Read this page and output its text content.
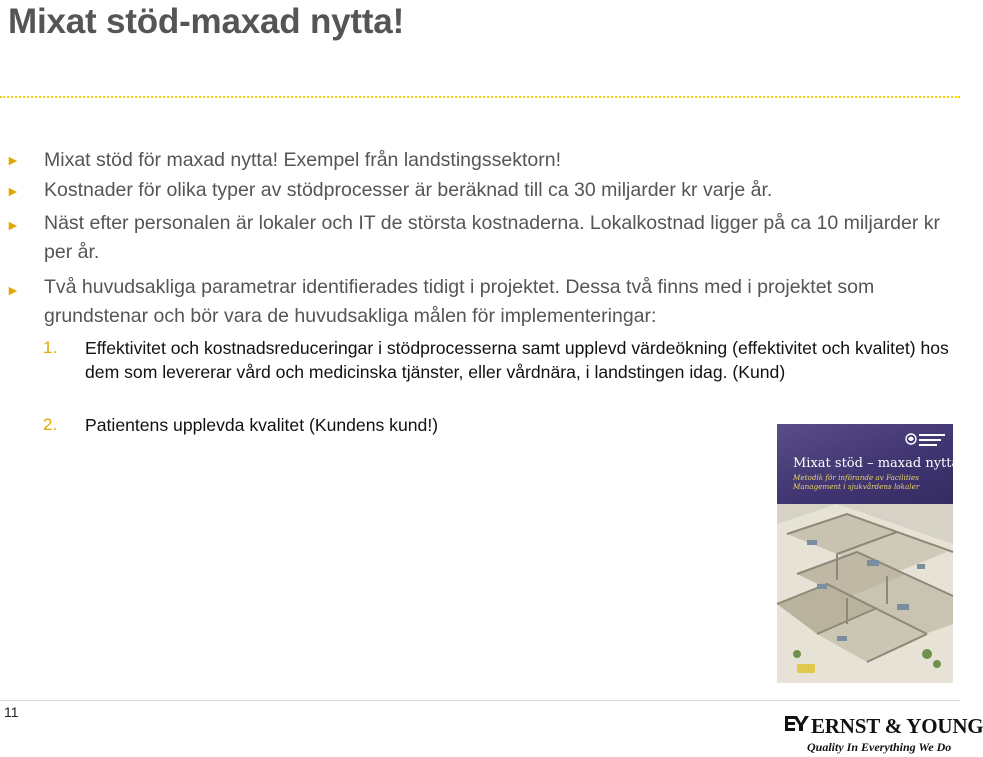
Mixat stöd-maxad nytta!
► Mixat stöd för maxad nytta! Exempel från landstingssektorn!
► Kostnader för olika typer av stödprocesser är beräknad till ca 30 miljarder kr varje år.
► Näst efter personalen är lokaler och IT de största kostnaderna. Lokalkostnad ligger på ca 10 miljarder kr per år.
► Två huvudsakliga parametrar identifierades tidigt i projektet. Dessa två finns med i projektet som grundstenar och bör vara de huvudsakliga målen för implementeringar:
1. Effektivitet och kostnadsreduceringar i stödprocesserna samt upplevd värdeökning (effektivitet och kvalitet) hos dem som levererar vård och medicinska tjänster, eller vårdnära, i landstingen idag. (Kund)
2. Patientens upplevda kvalitet (Kundens kund!)
Mixat stöd – maxad nytta
Metodik för införande av Facilities Management i sjukvårdens lokaler
11
ERNST & YOUNG
Quality In Everything We Do
